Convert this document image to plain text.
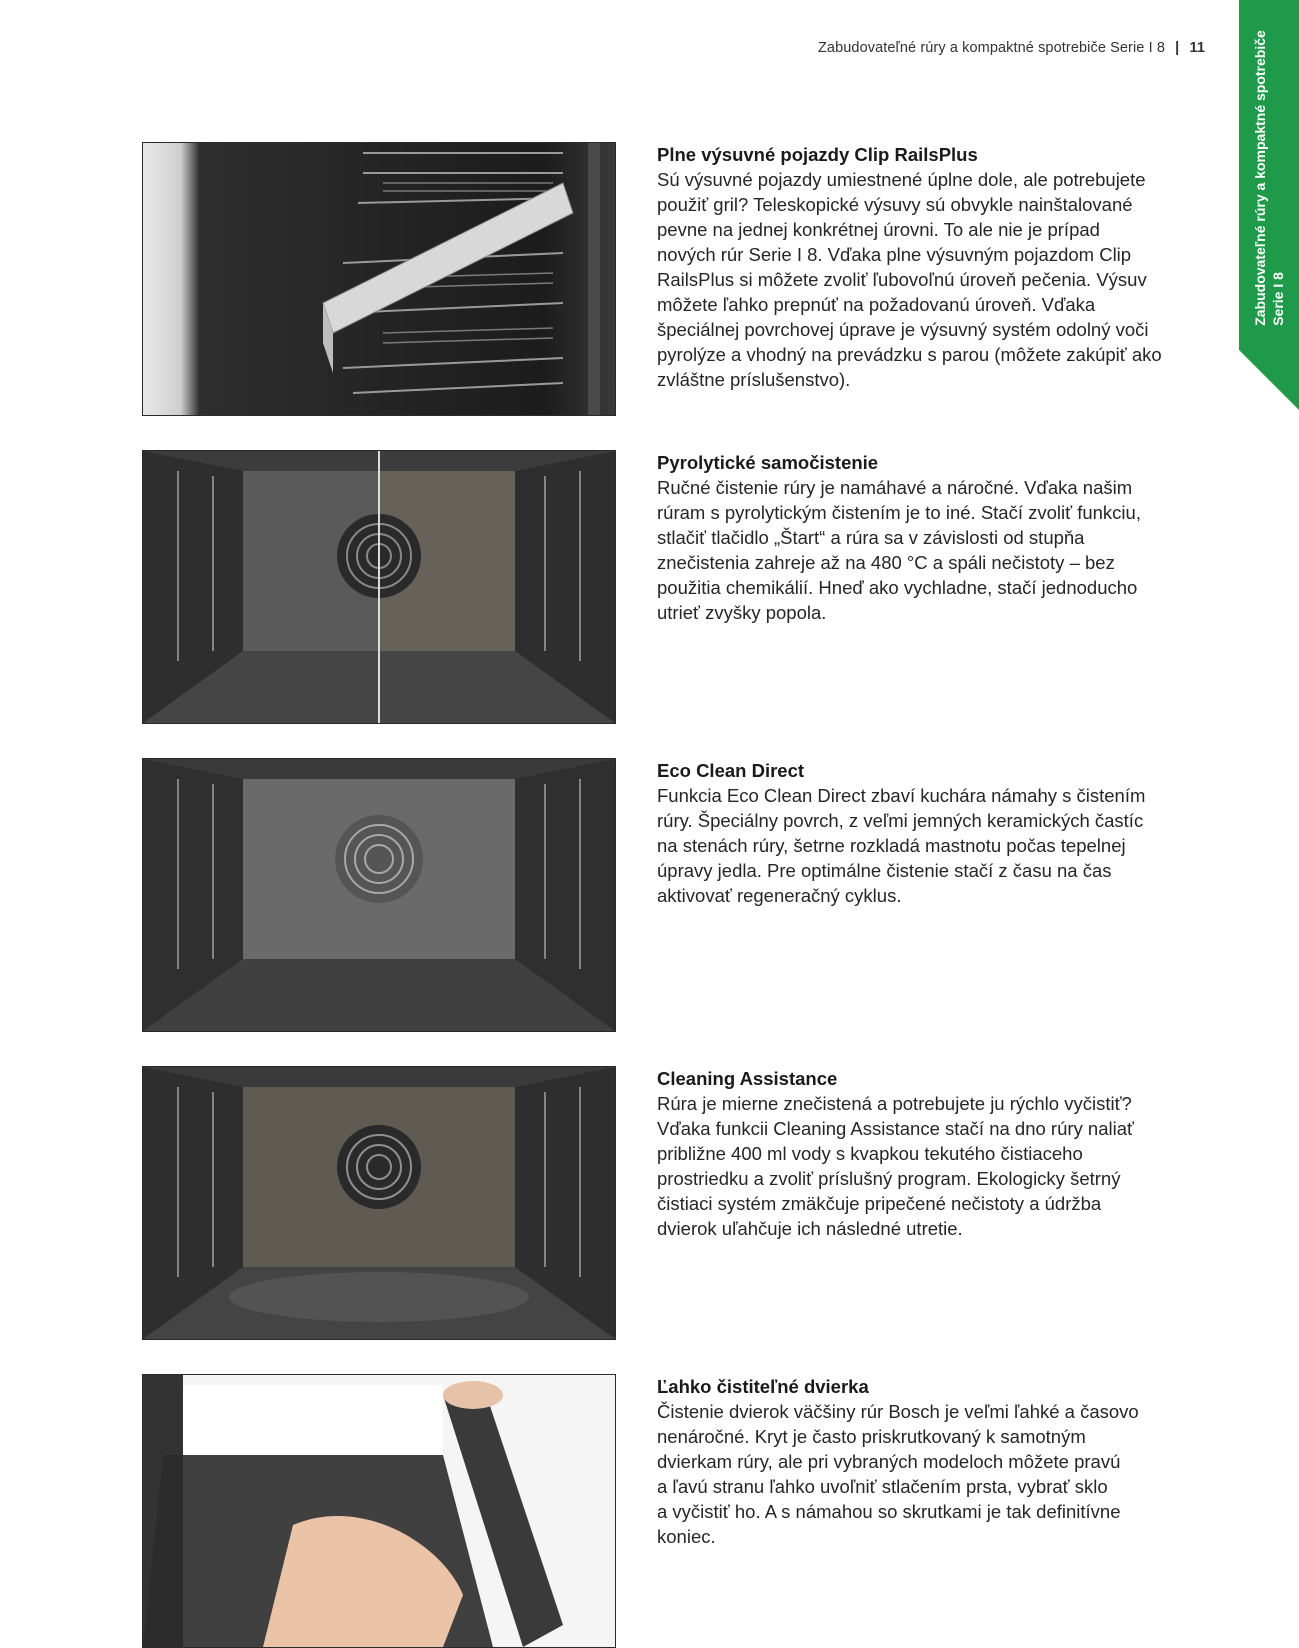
Zabudovateľné rúry a kompaktné spotrebiče Serie I 8 | 11	Zabudovateľné rúry a kompaktné spotrebiče Serie I 8
Plne výsuvné pojazdy Clip RailsPlus

Sú výsuvné pojazdy umiestnené úplne dole, ale potrebujete
použiť gril? Teleskopické výsuvy sú obvykle nainštalované
pevne na jednej konkrétnej úrovni. To ale nie je prípad
nových rúr Serie I 8. Vďaka plne výsuvným pojazdom Clip
RailsPlus si môžete zvoliť ľubovoľnú úroveň pečenia. Výsuv
môžete ľahko prepnúť na požadovanú úroveň. Vďaka
špeciálnej povrchovej úprave je výsuvný systém odolný voči
pyrolýze a vhodný na prevádzku s parou (môžete zakúpiť ako
zvláštne príslušenstvo).

Pyrolytické samočistenie

Ručné čistenie rúry je namáhavé a náročné. Vďaka našim
rúram s pyrolytickým čistením je to iné. Stačí zvoliť funkciu,
stlačiť tlačidlo „Štart“ a rúra sa v závislosti od stupňa
znečistenia zahreje až na 480 °C a spáli nečistoty – bez
použitia chemikálií. Hneď ako vychladne, stačí jednoducho
utrieť zvyšky popola.

Eco Clean Direct

Funkcia Eco Clean Direct zbaví kuchára námahy s čistením
rúry. Špeciálny povrch, z veľmi jemných keramických častíc
na stenách rúry, šetrne rozkladá mastnotu počas tepelnej
úpravy jedla. Pre optimálne čistenie stačí z času na čas
aktivovať regeneračný cyklus.

Cleaning Assistance

Rúra je mierne znečistená a potrebujete ju rýchlo vyčistiť?
Vďaka funkcii Cleaning Assistance stačí na dno rúry naliať
približne 400 ml vody s kvapkou tekutého čistiaceho
prostriedku a zvoliť príslušný program. Ekologicky šetrný
čistiaci systém zmäkčuje pripečené nečistoty a údržba
dvierok uľahčuje ich následné utretie.

Ľahko čistiteľné dvierka

Čistenie dvierok väčšiny rúr Bosch je veľmi ľahké a časovo
nenáročné. Kryt je často priskrutkovaný k samotným
dvierkam rúry, ale pri vybraných modeloch môžete pravú
a ľavú stranu ľahko uvoľniť stlačením prsta, vybrať sklo
a vyčistiť ho. A s námahou so skrutkami je tak definitívne
koniec.
